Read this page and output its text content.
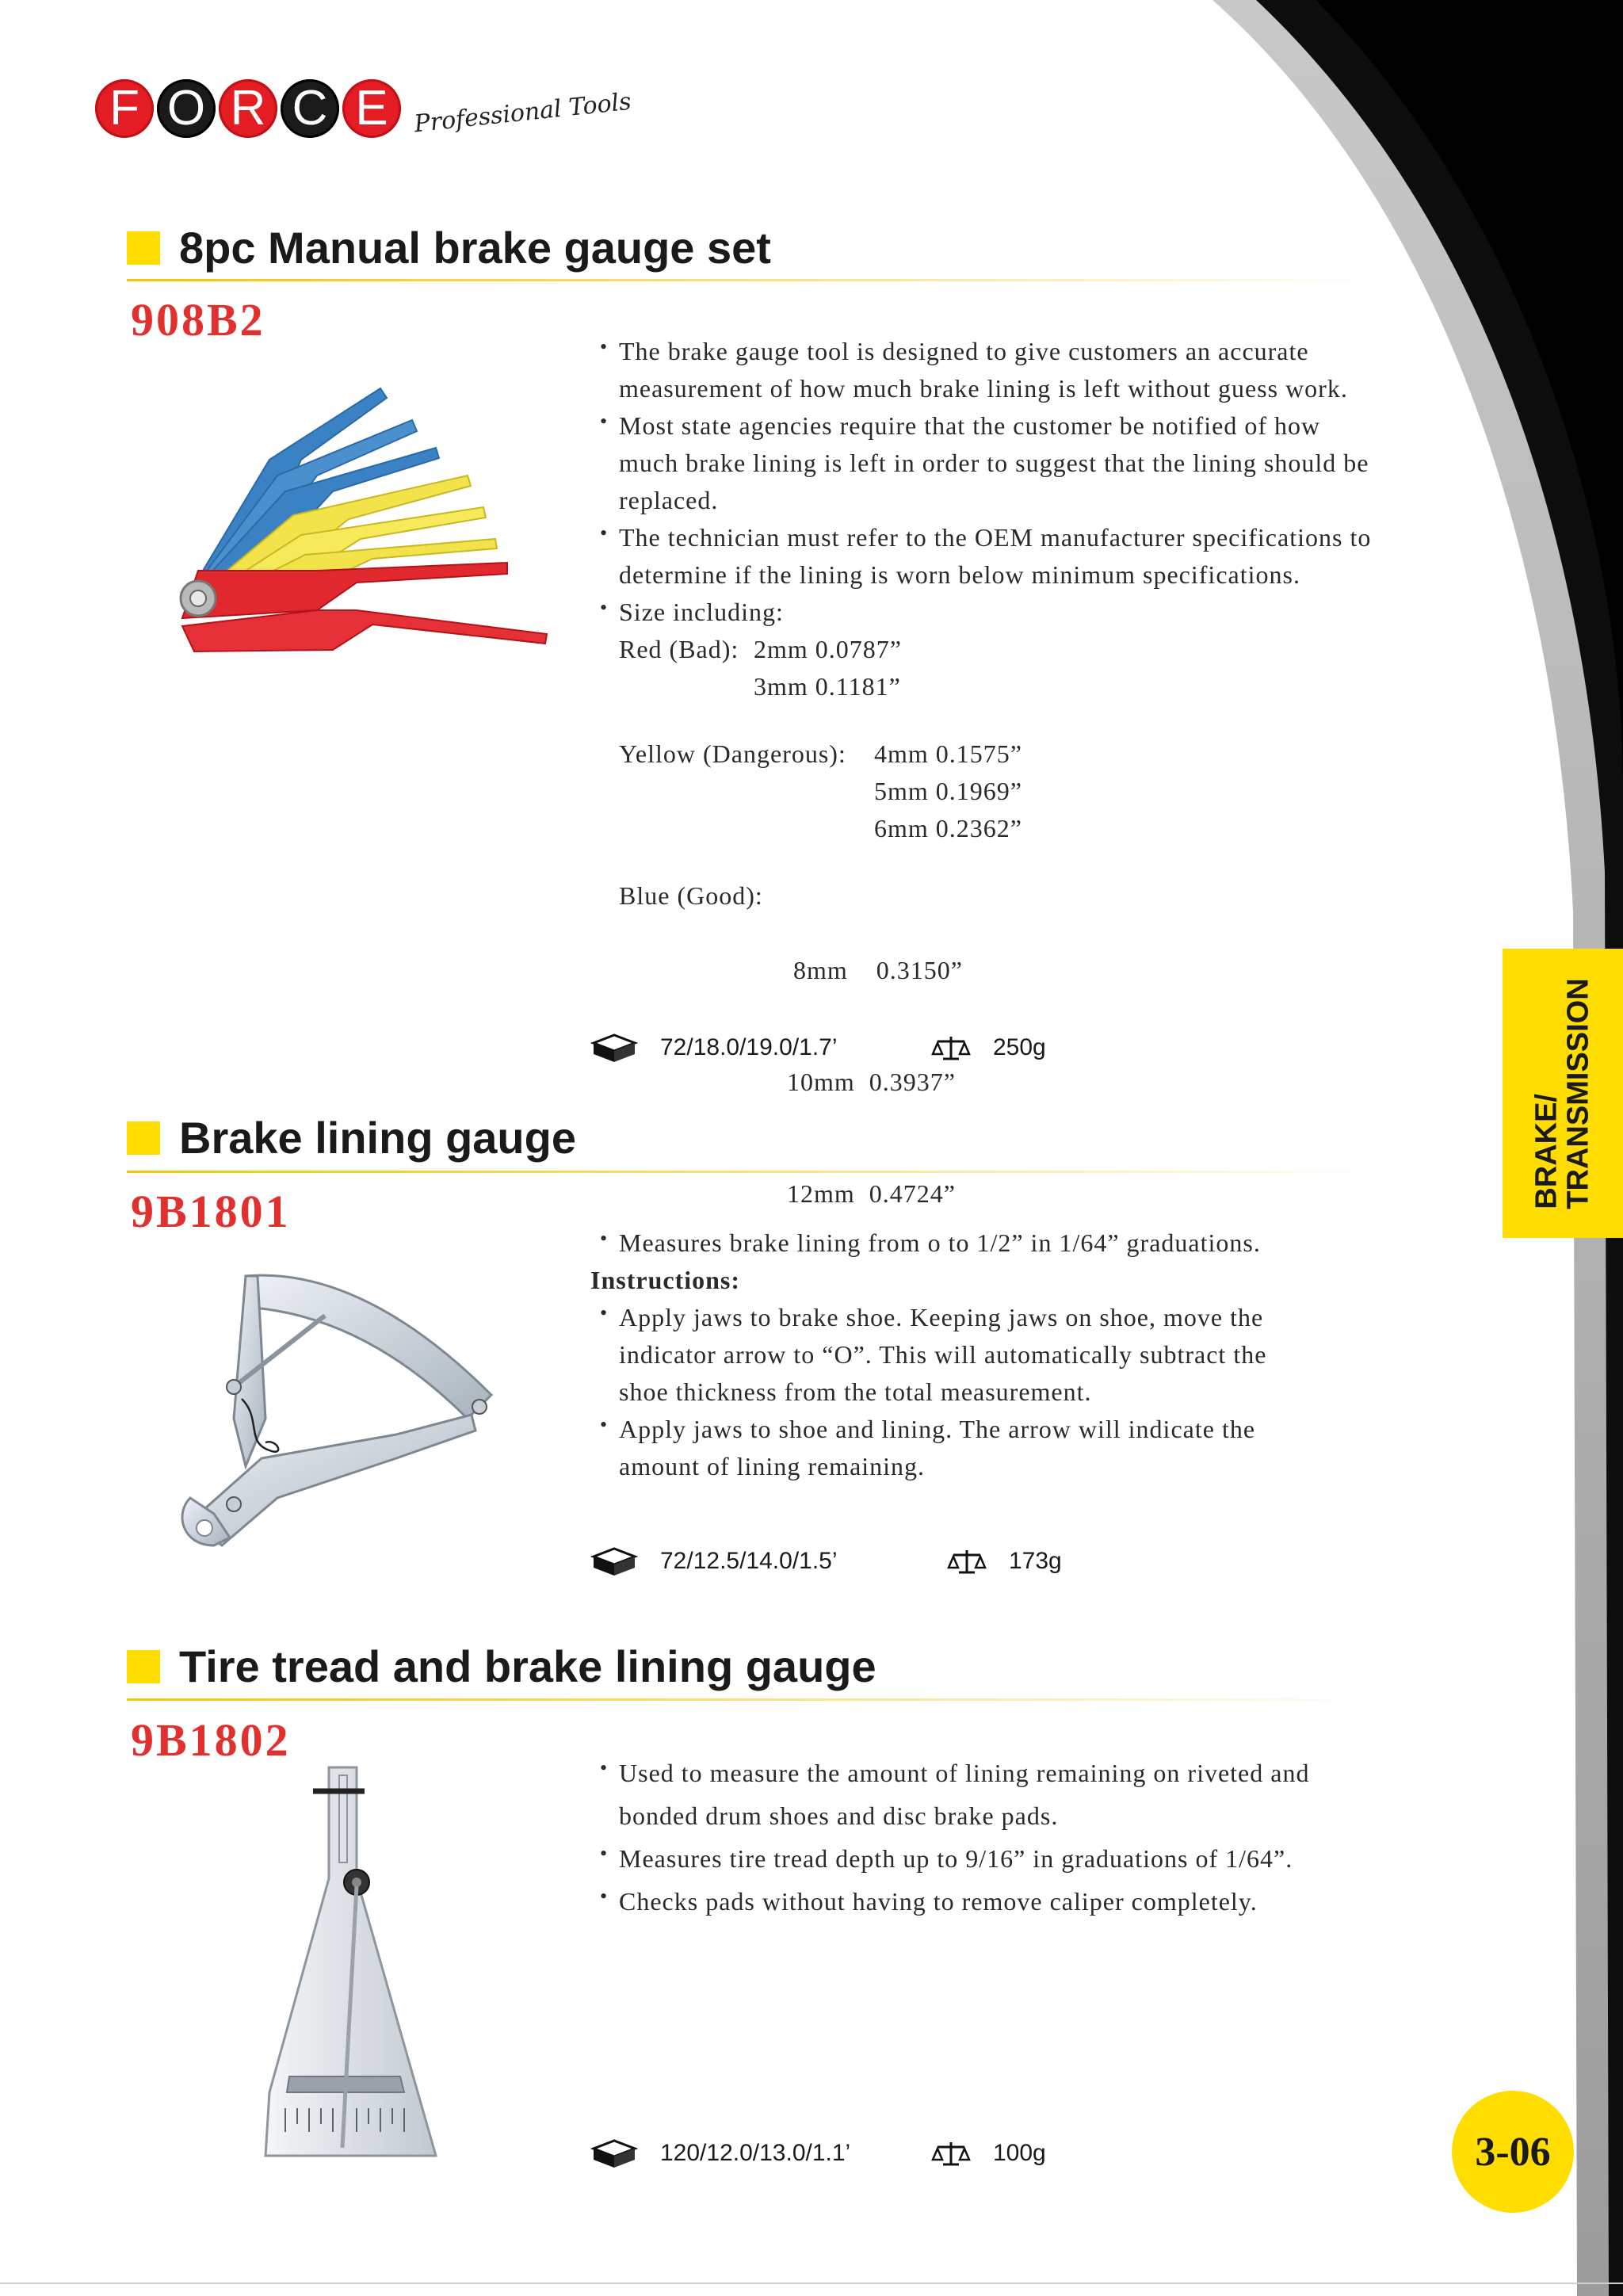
F O R C E	Professional Tools
8pc Manual brake gauge set
908B2
• The brake gauge tool is designed to give customers an accurate
measurement of how much brake lining is left without guess work.
• Most state agencies require that the customer be notified of how
much brake lining is left in order to suggest that the lining should be
replaced.
• The technician must refer to the OEM manufacturer specifications to
determine if the lining is worn below minimum specifications.
• Size including:
Red (Bad): 2mm 0.0787”
3mm 0.1181”
Yellow (Dangerous):	4mm 0.1575”
5mm 0.1969”
6mm 0.2362”
Blue (Good):

8mm    0.3150”

10mm  0.3937”

12mm  0.4724”

72/18.0/19.0/1.7’	250g
Brake lining gauge
9B1801
• Measures brake lining from o to 1/2” in 1/64” graduations.
Instructions:
• Apply jaws to brake shoe. Keeping jaws on shoe, move the
indicator arrow to “O”. This will automatically subtract the
shoe thickness from the total measurement.
• Apply jaws to shoe and lining. The arrow will indicate the
amount of lining remaining.
72/12.5/14.0/1.5’	173g
Tire tread and brake lining gauge
9B1802
• Used to measure the amount of lining remaining on riveted and
bonded drum shoes and disc brake pads.
• Measures tire tread depth up to 9/16” in graduations of 1/64”.
• Checks pads without having to remove caliper completely.
120/12.0/13.0/1.1’	100g
BRAKE/
TRANSMISSION
3-06
